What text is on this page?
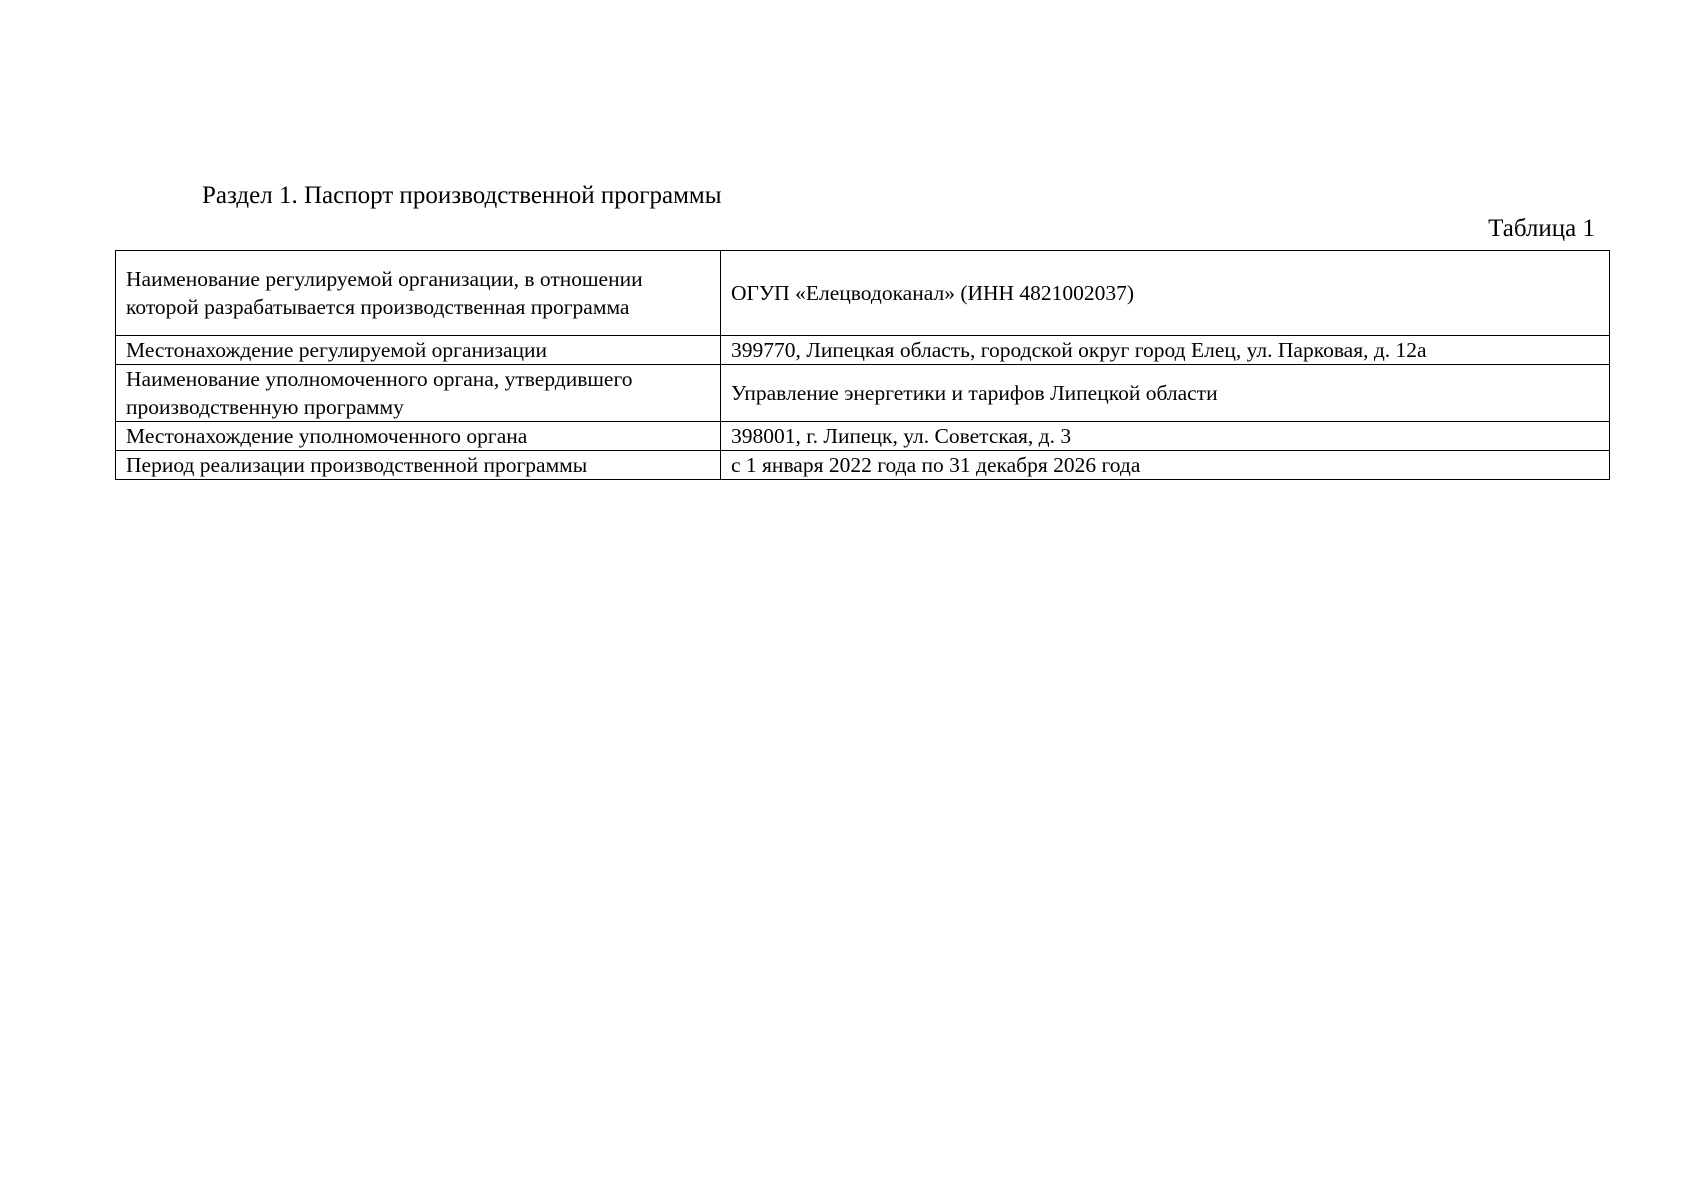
Раздел 1. Паспорт производственной программы
Таблица 1
Наименование регулируемой организации, в отношении которой разрабатывается производственная программа	ОГУП «Елецводоканал» (ИНН 4821002037)
Местонахождение регулируемой организации	399770, Липецкая область, городской округ город Елец, ул. Парковая, д. 12а
Наименование уполномоченного органа, утвердившего производственную программу	Управление энергетики и тарифов Липецкой области
Местонахождение уполномоченного органа	398001, г. Липецк, ул. Советская, д. 3
Период реализации производственной программы	с 1 января 2022 года по 31 декабря 2026 года
